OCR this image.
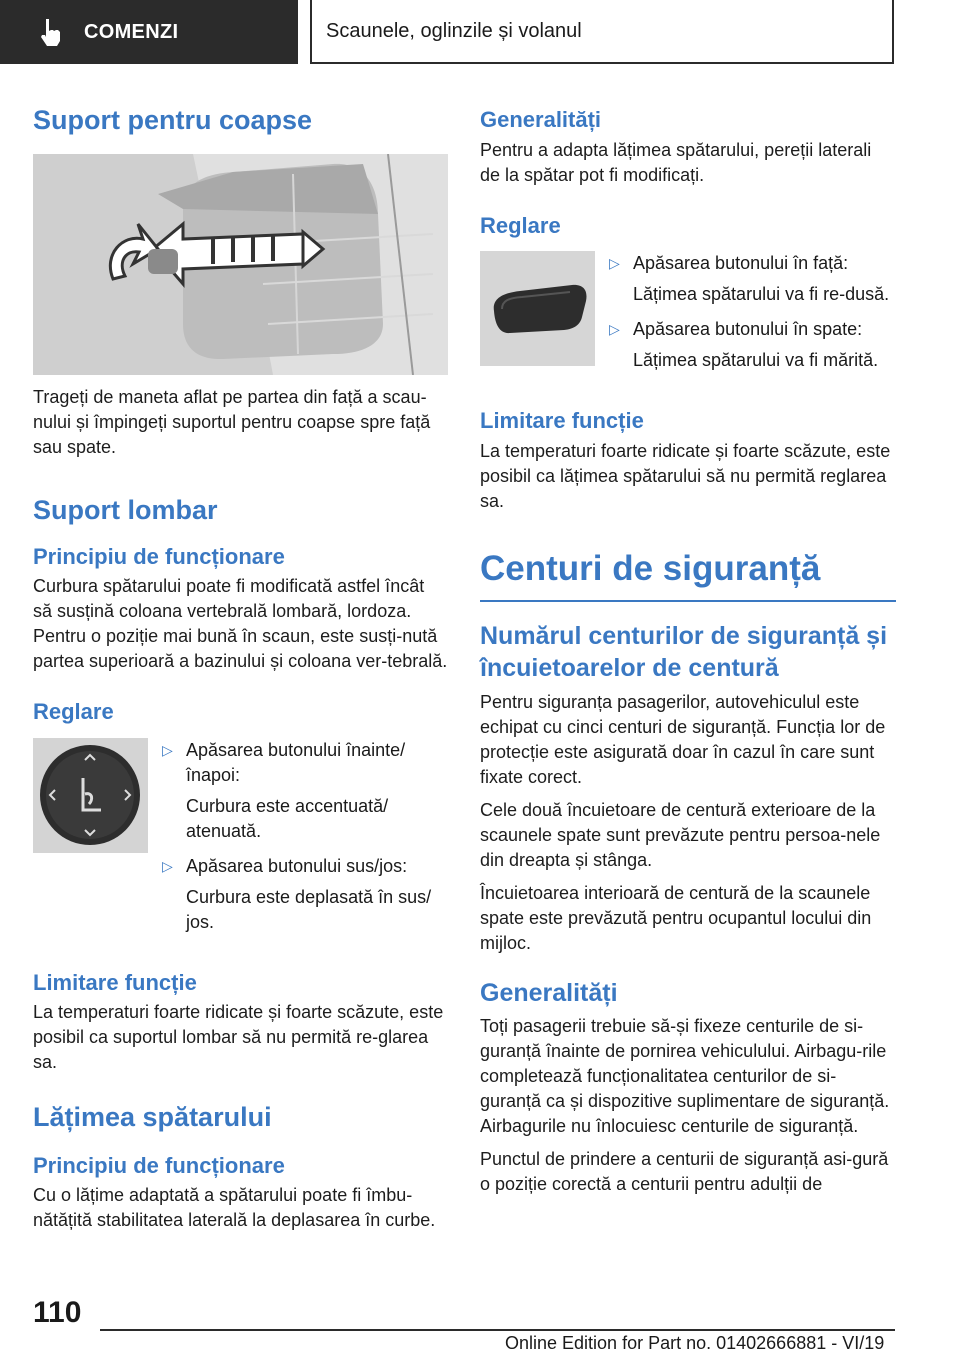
COMENZI	Scaunele, oglinzile și volanul
Suport pentru coapse

Trageți de maneta aflat pe partea din față a scau-nului și împingeți suportul pentru coapse spre față sau spate.

Suport lombar
Principiu de funcționare

Curbura spătarului poate fi modificată astfel încât să susțină coloana vertebrală lombară, lordoza. Pentru o poziție mai bună în scaun, este susți-nută partea superioară a bazinului și coloana ver-tebrală.

Reglare
▷ Apăsarea butonului înainte/ înapoi:
Curbura este accentuată/ atenuată.
▷ Apăsarea butonului sus/jos:
Curbura este deplasată în sus/ jos.
Limitare funcție

La temperaturi foarte ridicate și foarte scăzute, este posibil ca suportul lombar să nu permită re-glarea sa.

Lățimea spătarului
Principiu de funcționare

Cu o lățime adaptată a spătarului poate fi îmbu-nătățită stabilitatea laterală la deplasarea în curbe.

Generalități

Pentru a adapta lățimea spătarului, pereții laterali de la spătar pot fi modificați.

Reglare
▷ Apăsarea butonului în față:
Lățimea spătarului va fi re-dusă.
▷ Apăsarea butonului în spate:
Lățimea spătarului va fi mărită.
Limitare funcție

La temperaturi foarte ridicate și foarte scăzute, este posibil ca lățimea spătarului să nu permită reglarea sa.

Centuri de siguranță
Numărul centurilor de siguranță și încuietoarelor de centură

Pentru siguranța pasagerilor, autovehiculul este echipat cu cinci centuri de siguranță. Funcția lor de protecție este asigurată doar în cazul în care sunt fixate corect.

Cele două încuietoare de centură exterioare de la scaunele spate sunt prevăzute pentru persoa-nele din dreapta și stânga.

Încuietoarea interioară de centură de la scaunele spate este prevăzută pentru ocupantul locului din mijloc.

Generalități

Toți pasagerii trebuie să-și fixeze centurile de si-guranță înainte de pornirea vehiculului. Airbagu-rile completează funcționalitatea centurilor de si-guranță ca și dispozitive suplimentare de siguranță. Airbagurile nu înlocuiesc centurile de siguranță.

Punctul de prindere a centurii de siguranță asi-gură o poziție corectă a centurii pentru adulții de

110
Online Edition for Part no. 01402666881 - VI/19
